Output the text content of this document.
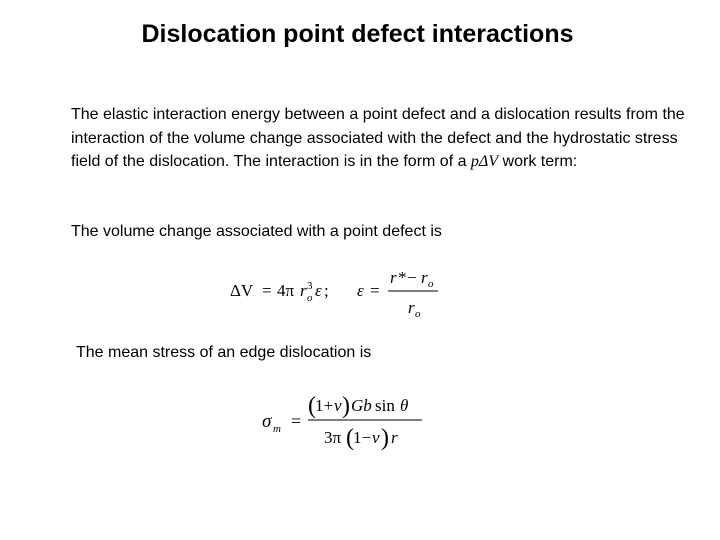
Dislocation point defect interactions
The elastic interaction energy between a point defect and a dislocation results from the interaction of the volume change associated with the defect and the hydrostatic stress field of the dislocation. The interaction is in the form of a pΔV work term:
The volume change associated with a point defect is
ΔV = 4π r 3
o ε ; ε =
r * − r o
r o
The mean stress of an edge dislocation is
σ m =
( 1+ ν ) Gb sin θ
3π ( 1− ν ) r
